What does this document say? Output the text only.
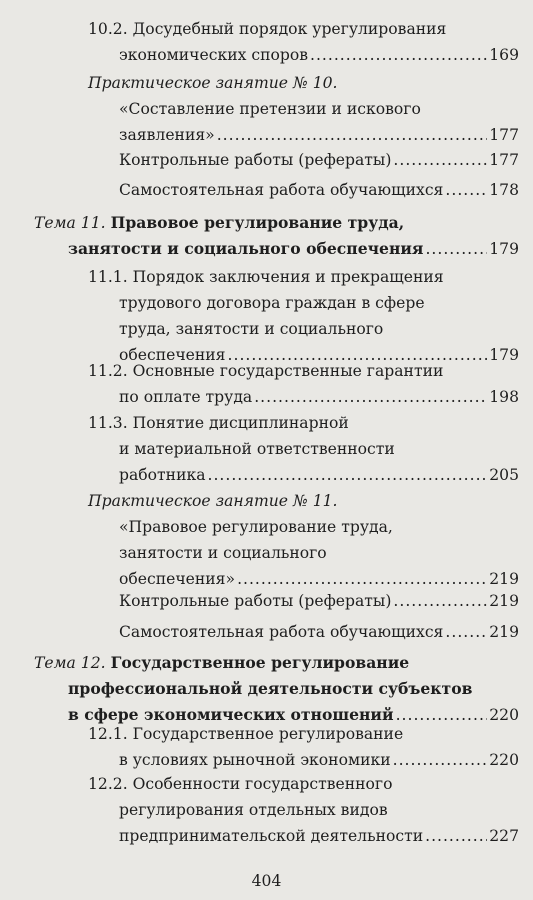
10.2. Досудебный порядок урегулирования
экономических споров .....	169
Практическое занятие № 10.
«Составление претензии и искового
заявления» .....	177
Контрольные работы (рефераты) .....	177
Самостоятельная работа обучающихся .....	178
Тема 11. Правовое регулирование труда,
занятости и социального обеспечения .....	179
11.1. Порядок заключения и прекращения
трудового договора граждан в сфере
труда, занятости и социального
обеспечения .....	179
11.2. Основные государственные гарантии
по оплате труда .....	198
11.3. Понятие дисциплинарной
и материальной ответственности
работника .....	205
Практическое занятие № 11.
«Правовое регулирование труда,
занятости и социального
обеспечения» .....	219
Контрольные работы (рефераты) .....	219
Самостоятельная работа обучающихся .....	219
Тема 12. Государственное регулирование
профессиональной деятельности субъектов
в сфере экономических отношений .....	220
12.1. Государственное регулирование
в условиях рыночной экономики .....	220
12.2. Особенности государственного
регулирования отдельных видов
предпринимательской деятельности .....	227
404
